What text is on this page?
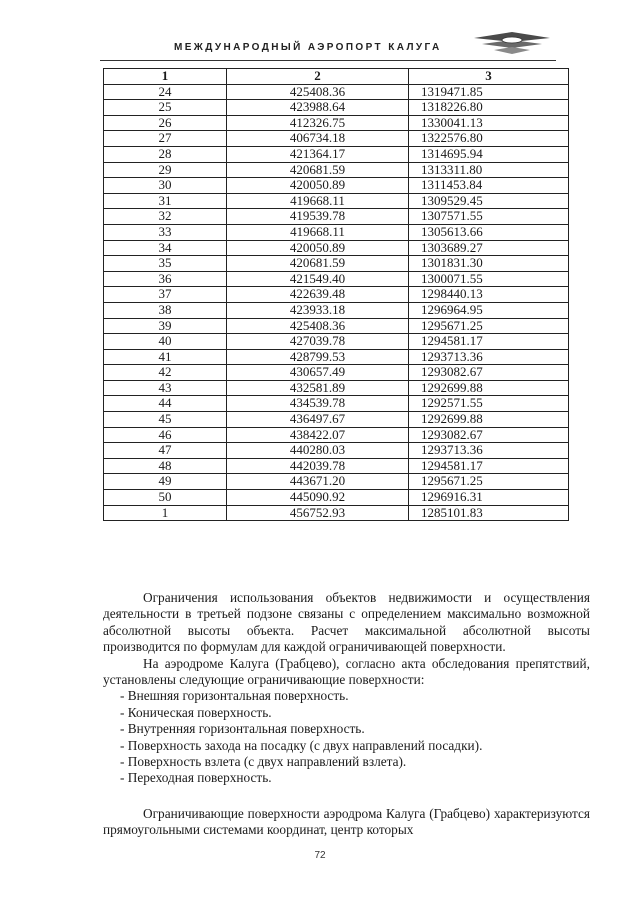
МЕЖДУНАРОДНЫЙ АЭРОПОРТ КАЛУГА
1	2	3
24	425408.36	1319471.85
25	423988.64	1318226.80
26	412326.75	1330041.13
27	406734.18	1322576.80
28	421364.17	1314695.94
29	420681.59	1313311.80
30	420050.89	1311453.84
31	419668.11	1309529.45
32	419539.78	1307571.55
33	419668.11	1305613.66
34	420050.89	1303689.27
35	420681.59	1301831.30
36	421549.40	1300071.55
37	422639.48	1298440.13
38	423933.18	1296964.95
39	425408.36	1295671.25
40	427039.78	1294581.17
41	428799.53	1293713.36
42	430657.49	1293082.67
43	432581.89	1292699.88
44	434539.78	1292571.55
45	436497.67	1292699.88
46	438422.07	1293082.67
47	440280.03	1293713.36
48	442039.78	1294581.17
49	443671.20	1295671.25
50	445090.92	1296916.31
1	456752.93	1285101.83

Ограничения использования объектов недвижимости и осуществления деятельности в третьей подзоне связаны с определением максимально возможной абсолютной высоты объекта. Расчет максимальной абсолютной высоты производится по формулам для каждой ограничивающей поверхности.

На аэродроме Калуга (Грабцево), согласно акта обследования препятствий, установлены следующие ограничивающие поверхности:

- Внешняя горизонтальная поверхность.
- Коническая поверхность.
- Внутренняя горизонтальная поверхность.
- Поверхность захода на посадку (с двух направлений посадки).
- Поверхность взлета (с двух направлений взлета).
- Переходная поверхность.

Ограничивающие поверхности аэродрома Калуга (Грабцево) характеризуются прямоугольными системами координат, центр которых

72
